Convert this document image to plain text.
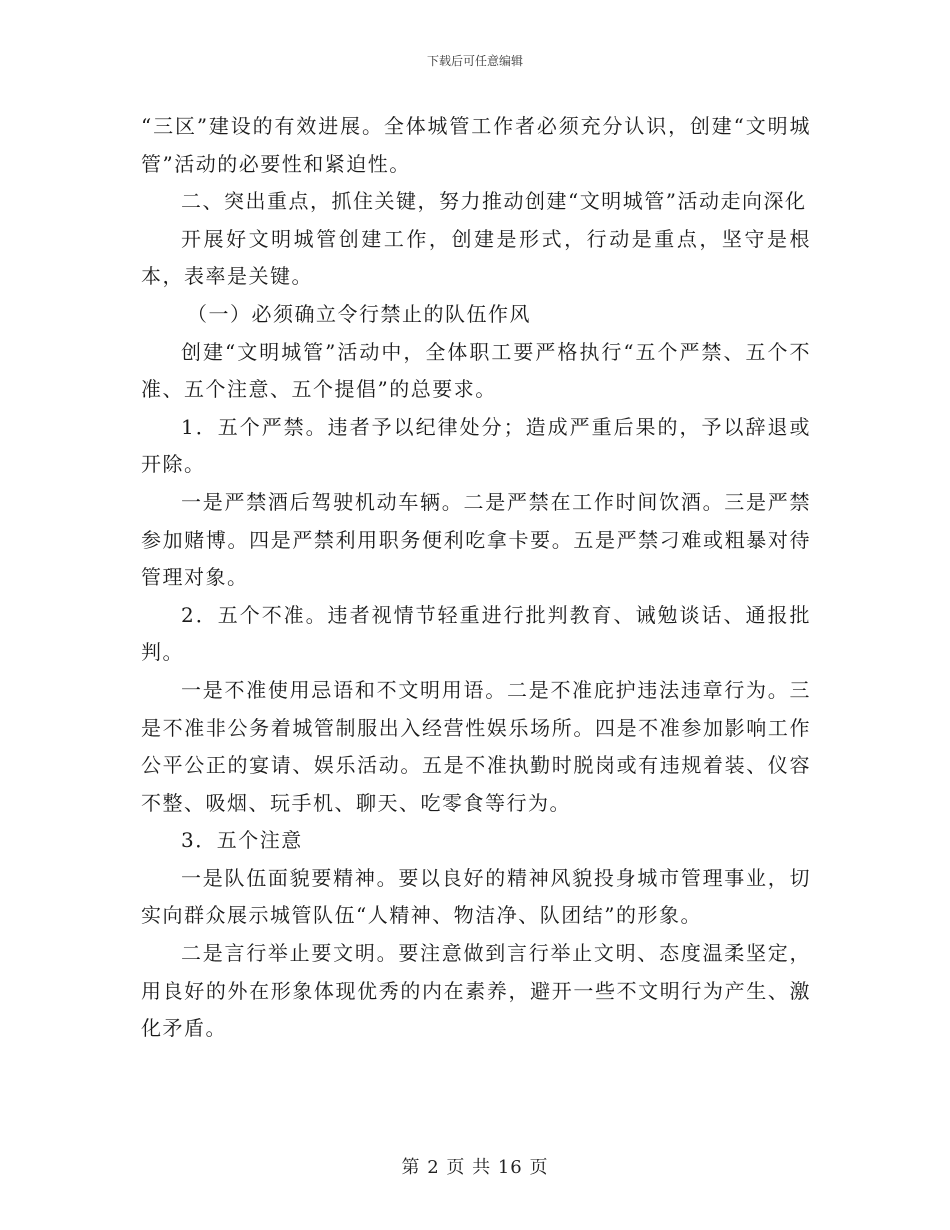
下载后可任意编辑

“三区”建设的有效进展。全体城管工作者必须充分认识，创建“文明城管”活动的必要性和紧迫性。

二、突出重点，抓住关键，努力推动创建“文明城管”活动走向深化

开展好文明城管创建工作，创建是形式，行动是重点，坚守是根本，表率是关键。

（一）必须确立令行禁止的队伍作风

创建“文明城管”活动中，全体职工要严格执行“五个严禁、五个不准、五个注意、五个提倡”的总要求。

1．五个严禁。违者予以纪律处分；造成严重后果的，予以辞退或开除。

一是严禁酒后驾驶机动车辆。二是严禁在工作时间饮酒。三是严禁参加赌博。四是严禁利用职务便利吃拿卡要。五是严禁刁难或粗暴对待管理对象。

2．五个不准。违者视情节轻重进行批判教育、诫勉谈话、通报批判。

一是不准使用忌语和不文明用语。二是不准庇护违法违章行为。三是不准非公务着城管制服出入经营性娱乐场所。四是不准参加影响工作公平公正的宴请、娱乐活动。五是不准执勤时脱岗或有违规着装、仪容不整、吸烟、玩手机、聊天、吃零食等行为。

3．五个注意

一是队伍面貌要精神。要以良好的精神风貌投身城市管理事业，切实向群众展示城管队伍“人精神、物洁净、队团结”的形象。

二是言行举止要文明。要注意做到言行举止文明、态度温柔坚定，用良好的外在形象体现优秀的内在素养，避开一些不文明行为产生、激化矛盾。

第 2 页 共 16 页
